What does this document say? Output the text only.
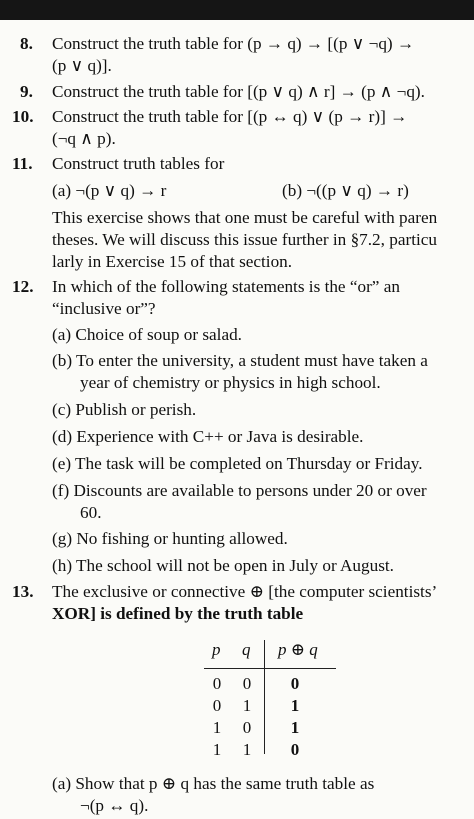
8. Construct the truth table for (p → q) → [(p ∨ ¬q) →
(p ∨ q)].
9. Construct the truth table for [(p ∨ q) ∧ r] → (p ∧ ¬q).
10. Construct the truth table for [(p ↔ q) ∨ (p → r)] →
(¬q ∧ p).
11. Construct truth tables for
(a) ¬(p ∨ q) → r	(b) ¬((p ∨ q) → r)
This exercise shows that one must be careful with paren
theses. We will discuss this issue further in §7.2, particu
larly in Exercise 15 of that section.
12. In which of the following statements is the “or” an
“inclusive or”?
(a) Choice of soup or salad.
(b) To enter the university, a student must have taken a
year of chemistry or physics in high school.
(c) Publish or perish.
(d) Experience with C++ or Java is desirable.
(e) The task will be completed on Thursday or Friday.
(f) Discounts are available to persons under 20 or over
60.
(g) No fishing or hunting allowed.
(h) The school will not be open in July or August.
13. The exclusive or connective ⊕ [the computer scientists’
XOR] is defined by the truth table
p q p ⊕ q
0 0 0
0 1 1
1 0 1
1 1 0
(a) Show that p ⊕ q has the same truth table as
¬(p ↔ q).
